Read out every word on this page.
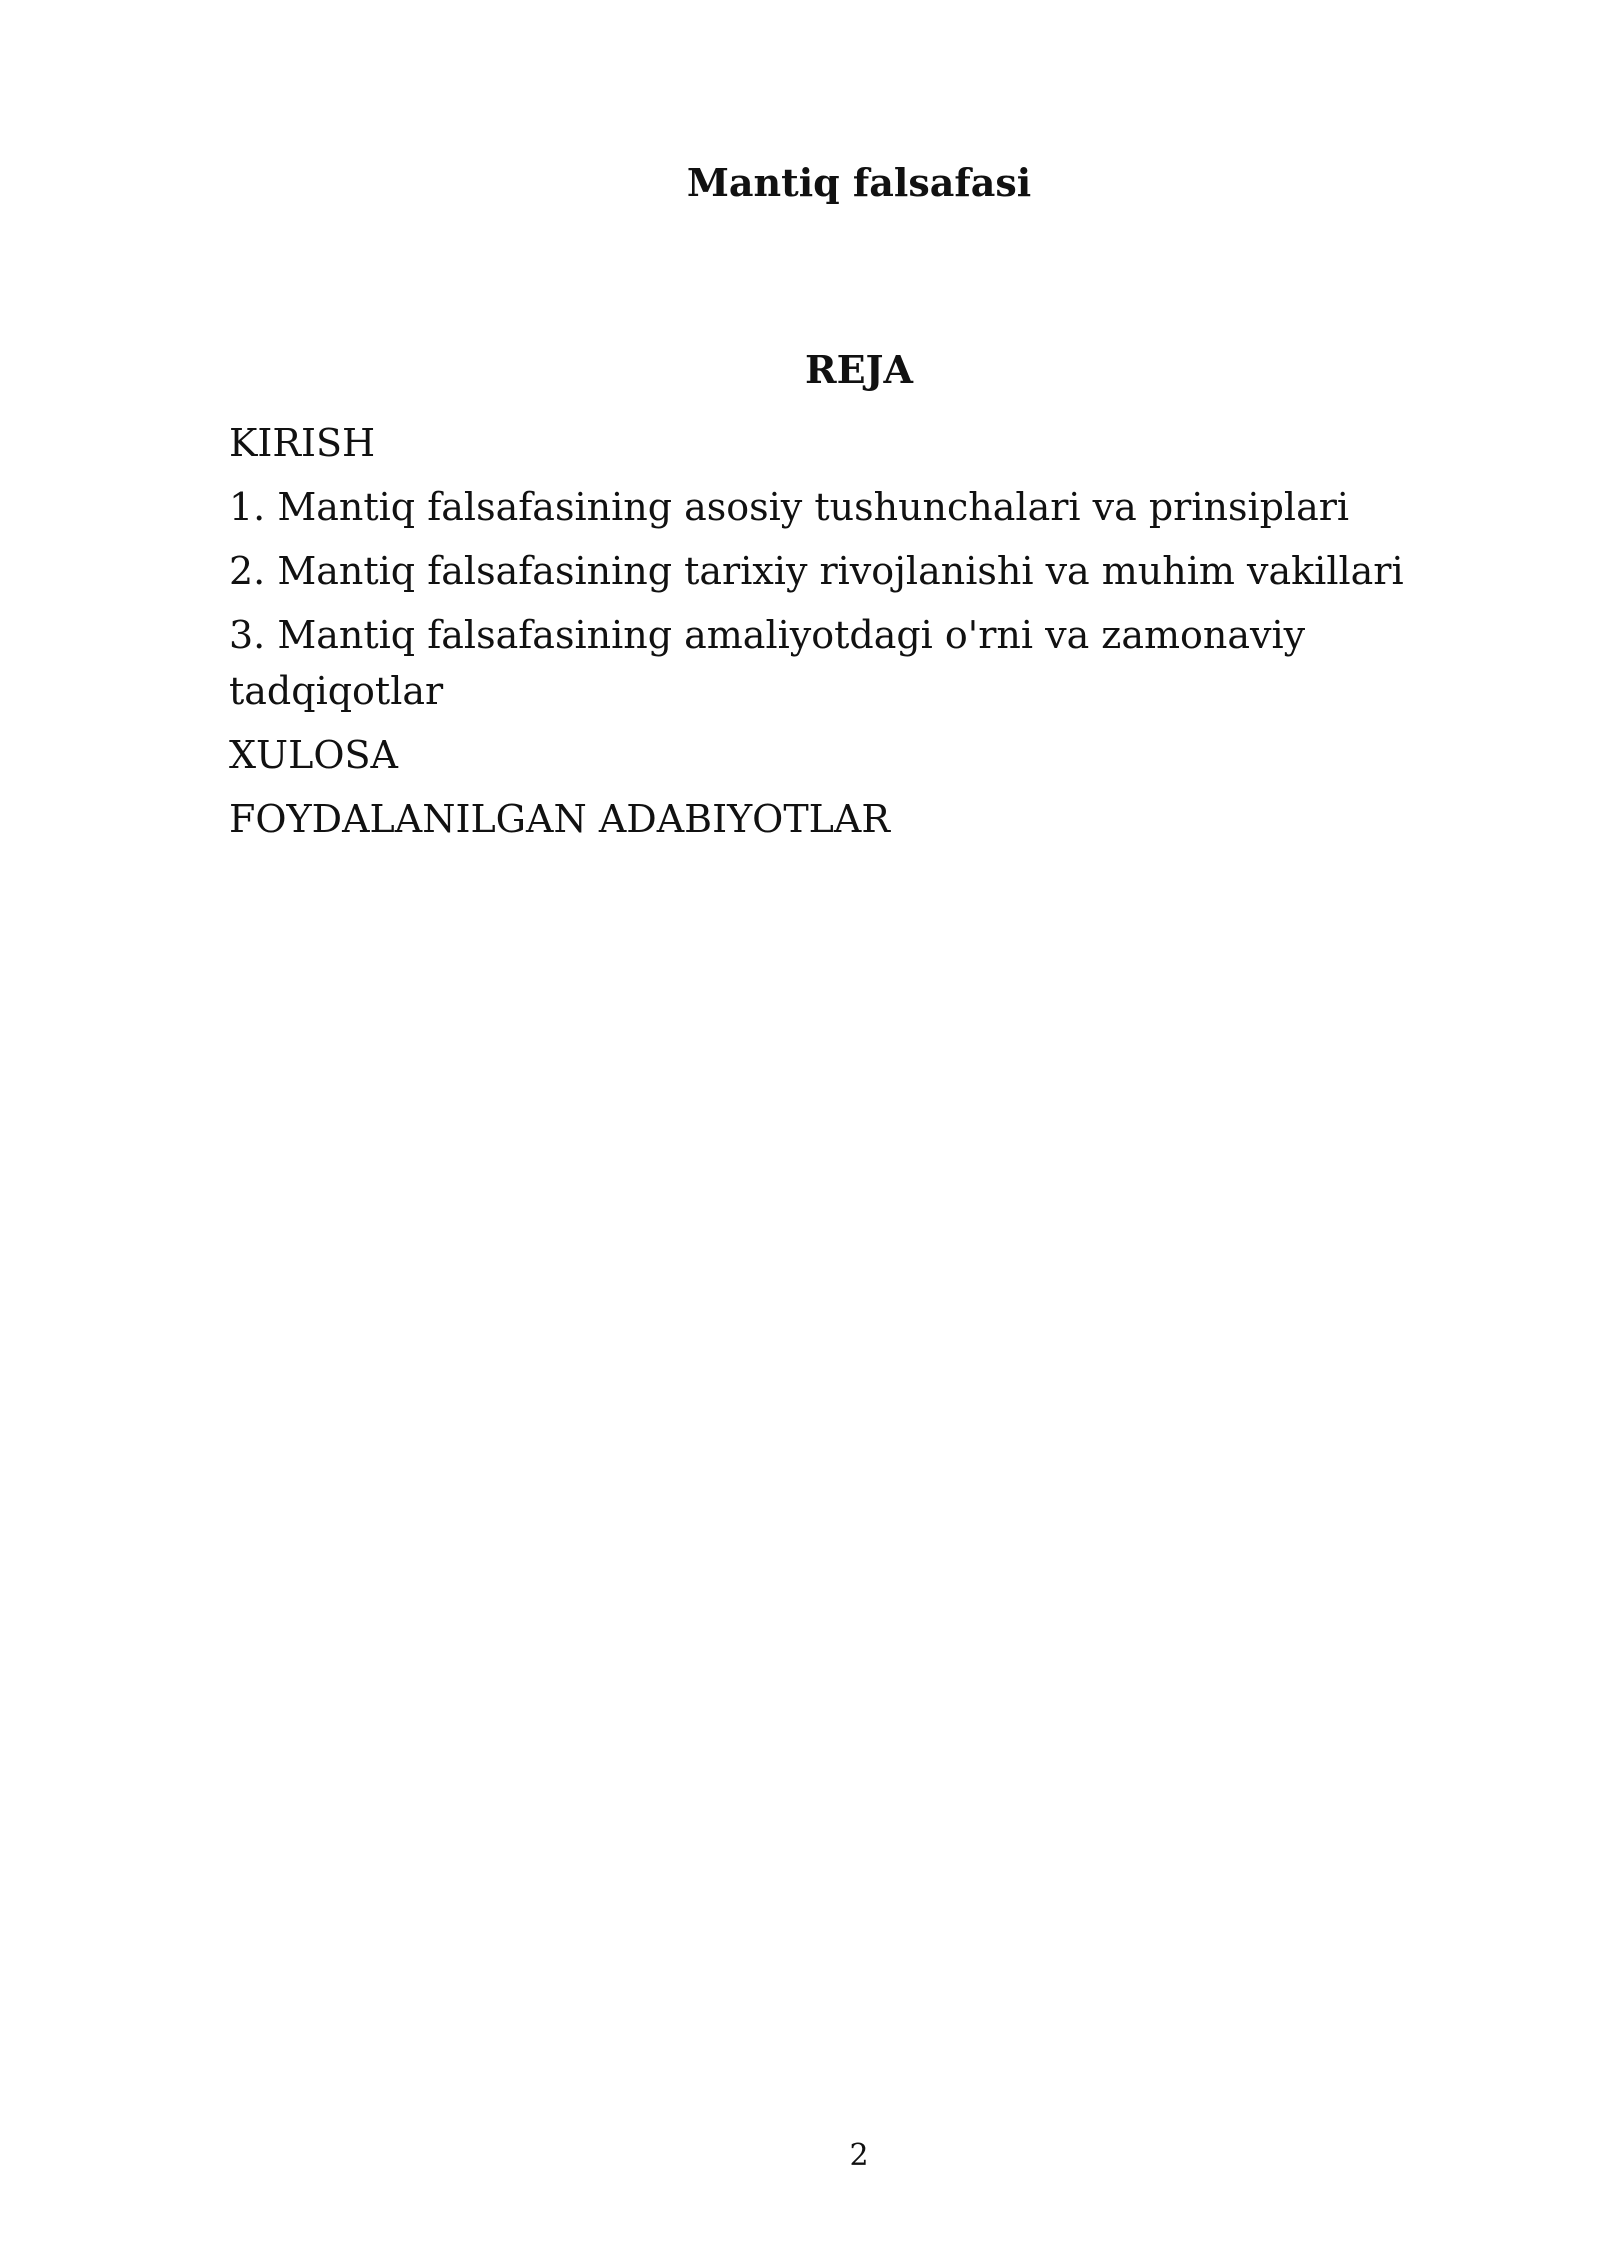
Mantiq falsafasi
REJA
KIRISH
1. Mantiq falsafasining asosiy tushunchalari va prinsiplari
2. Mantiq falsafasining tarixiy rivojlanishi va muhim vakillari
3. Mantiq falsafasining amaliyotdagi o'rni va zamonaviy tadqiqotlar
XULOSA
FOYDALANILGAN ADABIYOTLAR
2
